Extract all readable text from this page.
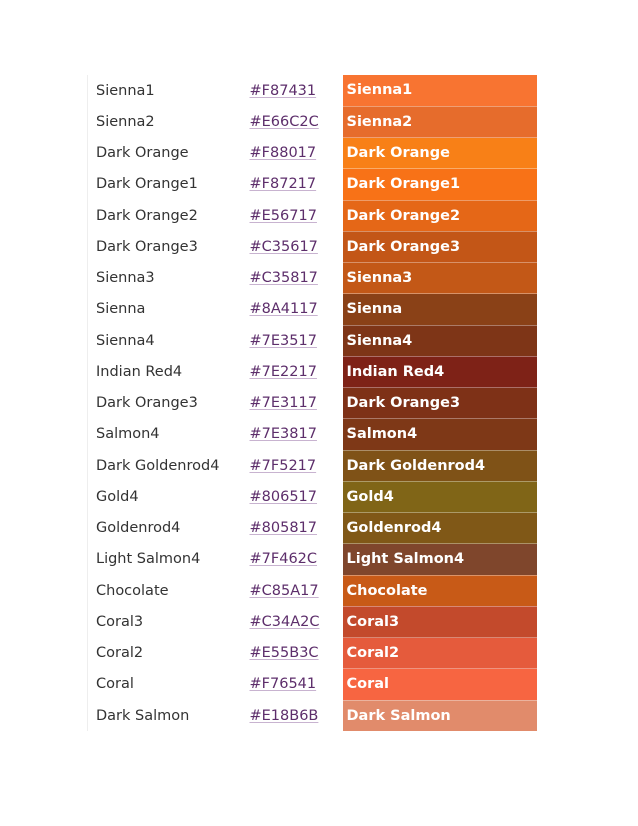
Sienna1	#F87431	Sienna1
Sienna2	#E66C2C	Sienna2
Dark Orange	#F88017	Dark Orange
Dark Orange1	#F87217	Dark Orange1
Dark Orange2	#E56717	Dark Orange2
Dark Orange3	#C35617	Dark Orange3
Sienna3	#C35817	Sienna3
Sienna	#8A4117	Sienna
Sienna4	#7E3517	Sienna4
Indian Red4	#7E2217	Indian Red4
Dark Orange3	#7E3117	Dark Orange3
Salmon4	#7E3817	Salmon4
Dark Goldenrod4	#7F5217	Dark Goldenrod4
Gold4	#806517	Gold4
Goldenrod4	#805817	Goldenrod4
Light Salmon4	#7F462C	Light Salmon4
Chocolate	#C85A17	Chocolate
Coral3	#C34A2C	Coral3
Coral2	#E55B3C	Coral2
Coral	#F76541	Coral
Dark Salmon	#E18B6B	Dark Salmon
